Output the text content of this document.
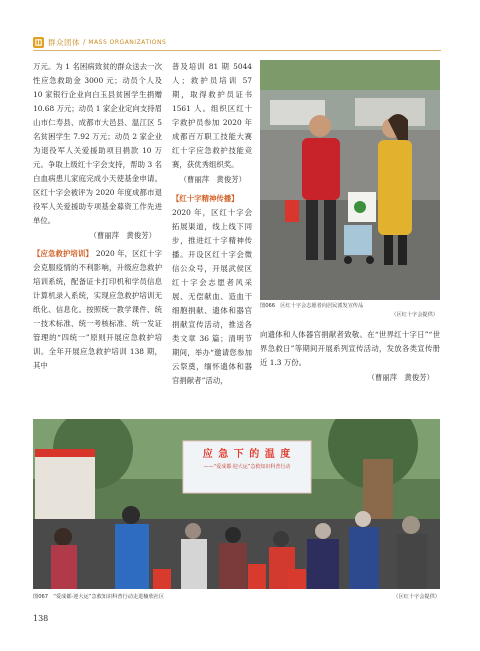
群众团体 / MASS ORGANIZATIONS

万元。为 1 名困病致贫的群众送去一次性应急救助金 3000 元；动员个人及 10 家银行企业向白玉县贫困学生捐赠 10.68 万元；动员 1 家企业定向支持眉山市仁寿县、成都市大邑县、温江区 5 名贫困学生 7.92 万元；动员 2 家企业为退役军人关爱援助项目捐款 10 万元。争取上级红十字会支持，帮助 3 名白血病患儿家庭完成小天使基金申请。区红十字会被评为 2020 年度成都市退役军人关爱援助专项基金募资工作先进单位。

（曹丽萍　黄俊芳）

【应急救护培训】 2020 年，区红十字会克服疫情的不利影响，升级应急救护培训系统，配备证卡打印机和学员信息计算机录入系统，实现应急救护培训无纸化、信息化。按照统一教学课件、统一技术标准、统一考核标准、统一发证管理的“四统一”原则开展应急救护培训。全年开展应急救护培训 138 期，其中

普及培训 81 期 5044 人；救护员培训 57 期，取得救护员证书 1561 人。组织区红十字救护员参加 2020 年成都百万职工技能大赛红十字应急救护技能竞赛，获优秀组织奖。

（曹丽萍　黄俊芳）

【红十字精神传播】

2020 年，区红十字会拓展渠道，线上线下同步，推进红十字精神传播。开设区红十字会微信公众号，开展武侯区红十字会志愿者风采展、无偿献血、造血干细胞捐献、遗体和器官捐献宣传活动，推送各类文章 36 篇；清明节期间，举办“邀请您参加云祭奠，缅怀遗体和器官捐献者”活动，

图066　区红十字会志愿者向居民派发宣传品
（区红十字会提供）

向遗体和人体器官捐献者致敬。在“世界红十字日”“世界急救日”等期间开展系列宣传活动，发放各类宣传册近 1.3 万份。

（曹丽萍　黄俊芳）

应 急 下 的 温 度
——“爱成都·迎大运”急救知识科普行动
图067　“爱成都·迎大运”急救知识科普行动走进楠欣社区	（区红十字会提供）
138
